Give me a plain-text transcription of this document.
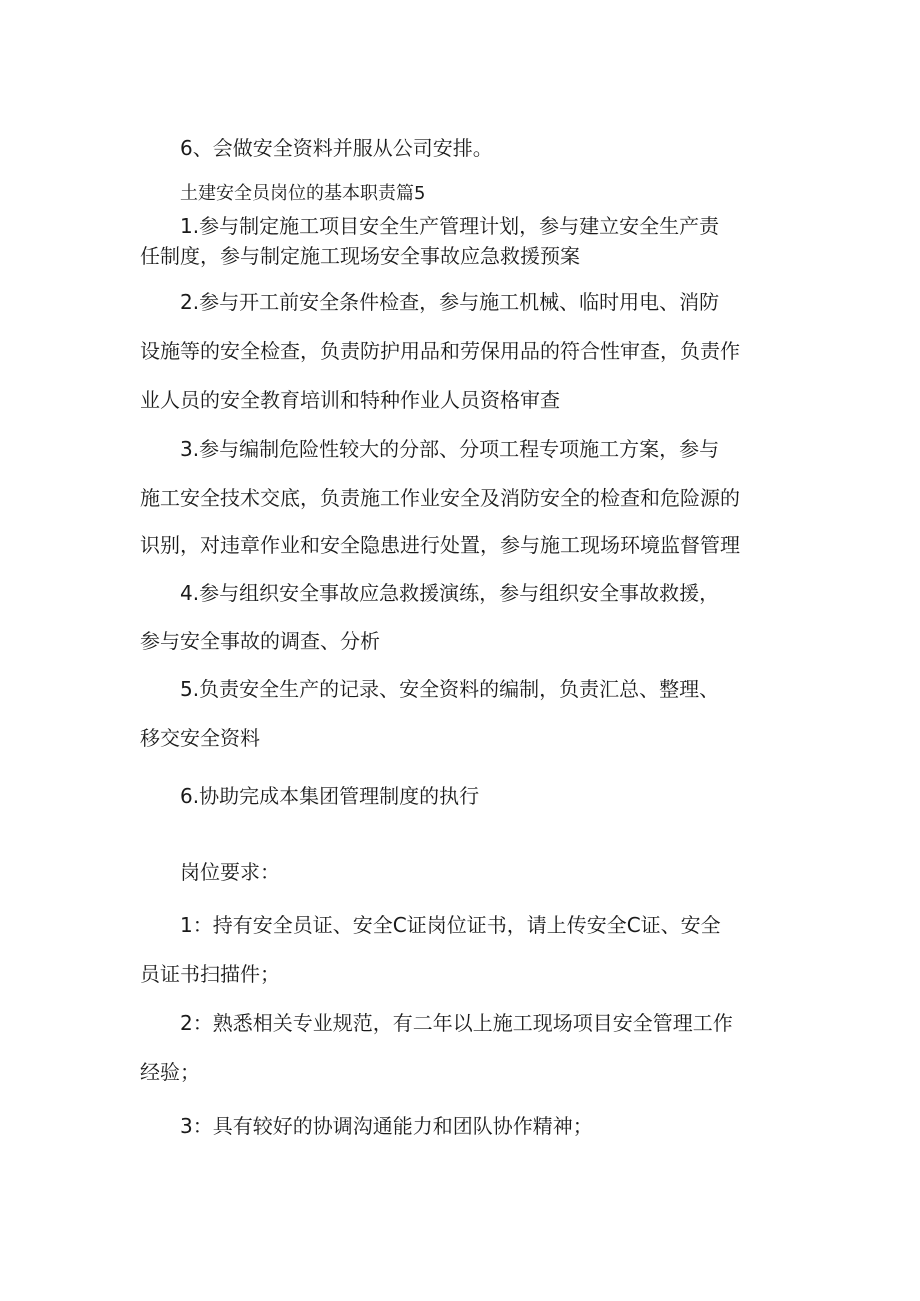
6、会做安全资料并服从公司安排。
土建安全员岗位的基本职责篇5
1.参与制定施工项目安全生产管理计划，参与建立安全生产责
任制度，参与制定施工现场安全事故应急救援预案
2.参与开工前安全条件检查，参与施工机械、临时用电、消防
设施等的安全检查，负责防护用品和劳保用品的符合性审查，负责作
业人员的安全教育培训和特种作业人员资格审查
3.参与编制危险性较大的分部、分项工程专项施工方案，参与
施工安全技术交底，负责施工作业安全及消防安全的检查和危险源的
识别，对违章作业和安全隐患进行处置，参与施工现场环境监督管理
4.参与组织安全事故应急救援演练，参与组织安全事故救援，
参与安全事故的调查、分析
5.负责安全生产的记录、安全资料的编制，负责汇总、整理、
移交安全资料
6.协助完成本集团管理制度的执行
岗位要求：
1：持有安全员证、安全C证岗位证书，请上传安全C证、安全
员证书扫描件；
2：熟悉相关专业规范，有二年以上施工现场项目安全管理工作
经验；
3：具有较好的协调沟通能力和团队协作精神；
